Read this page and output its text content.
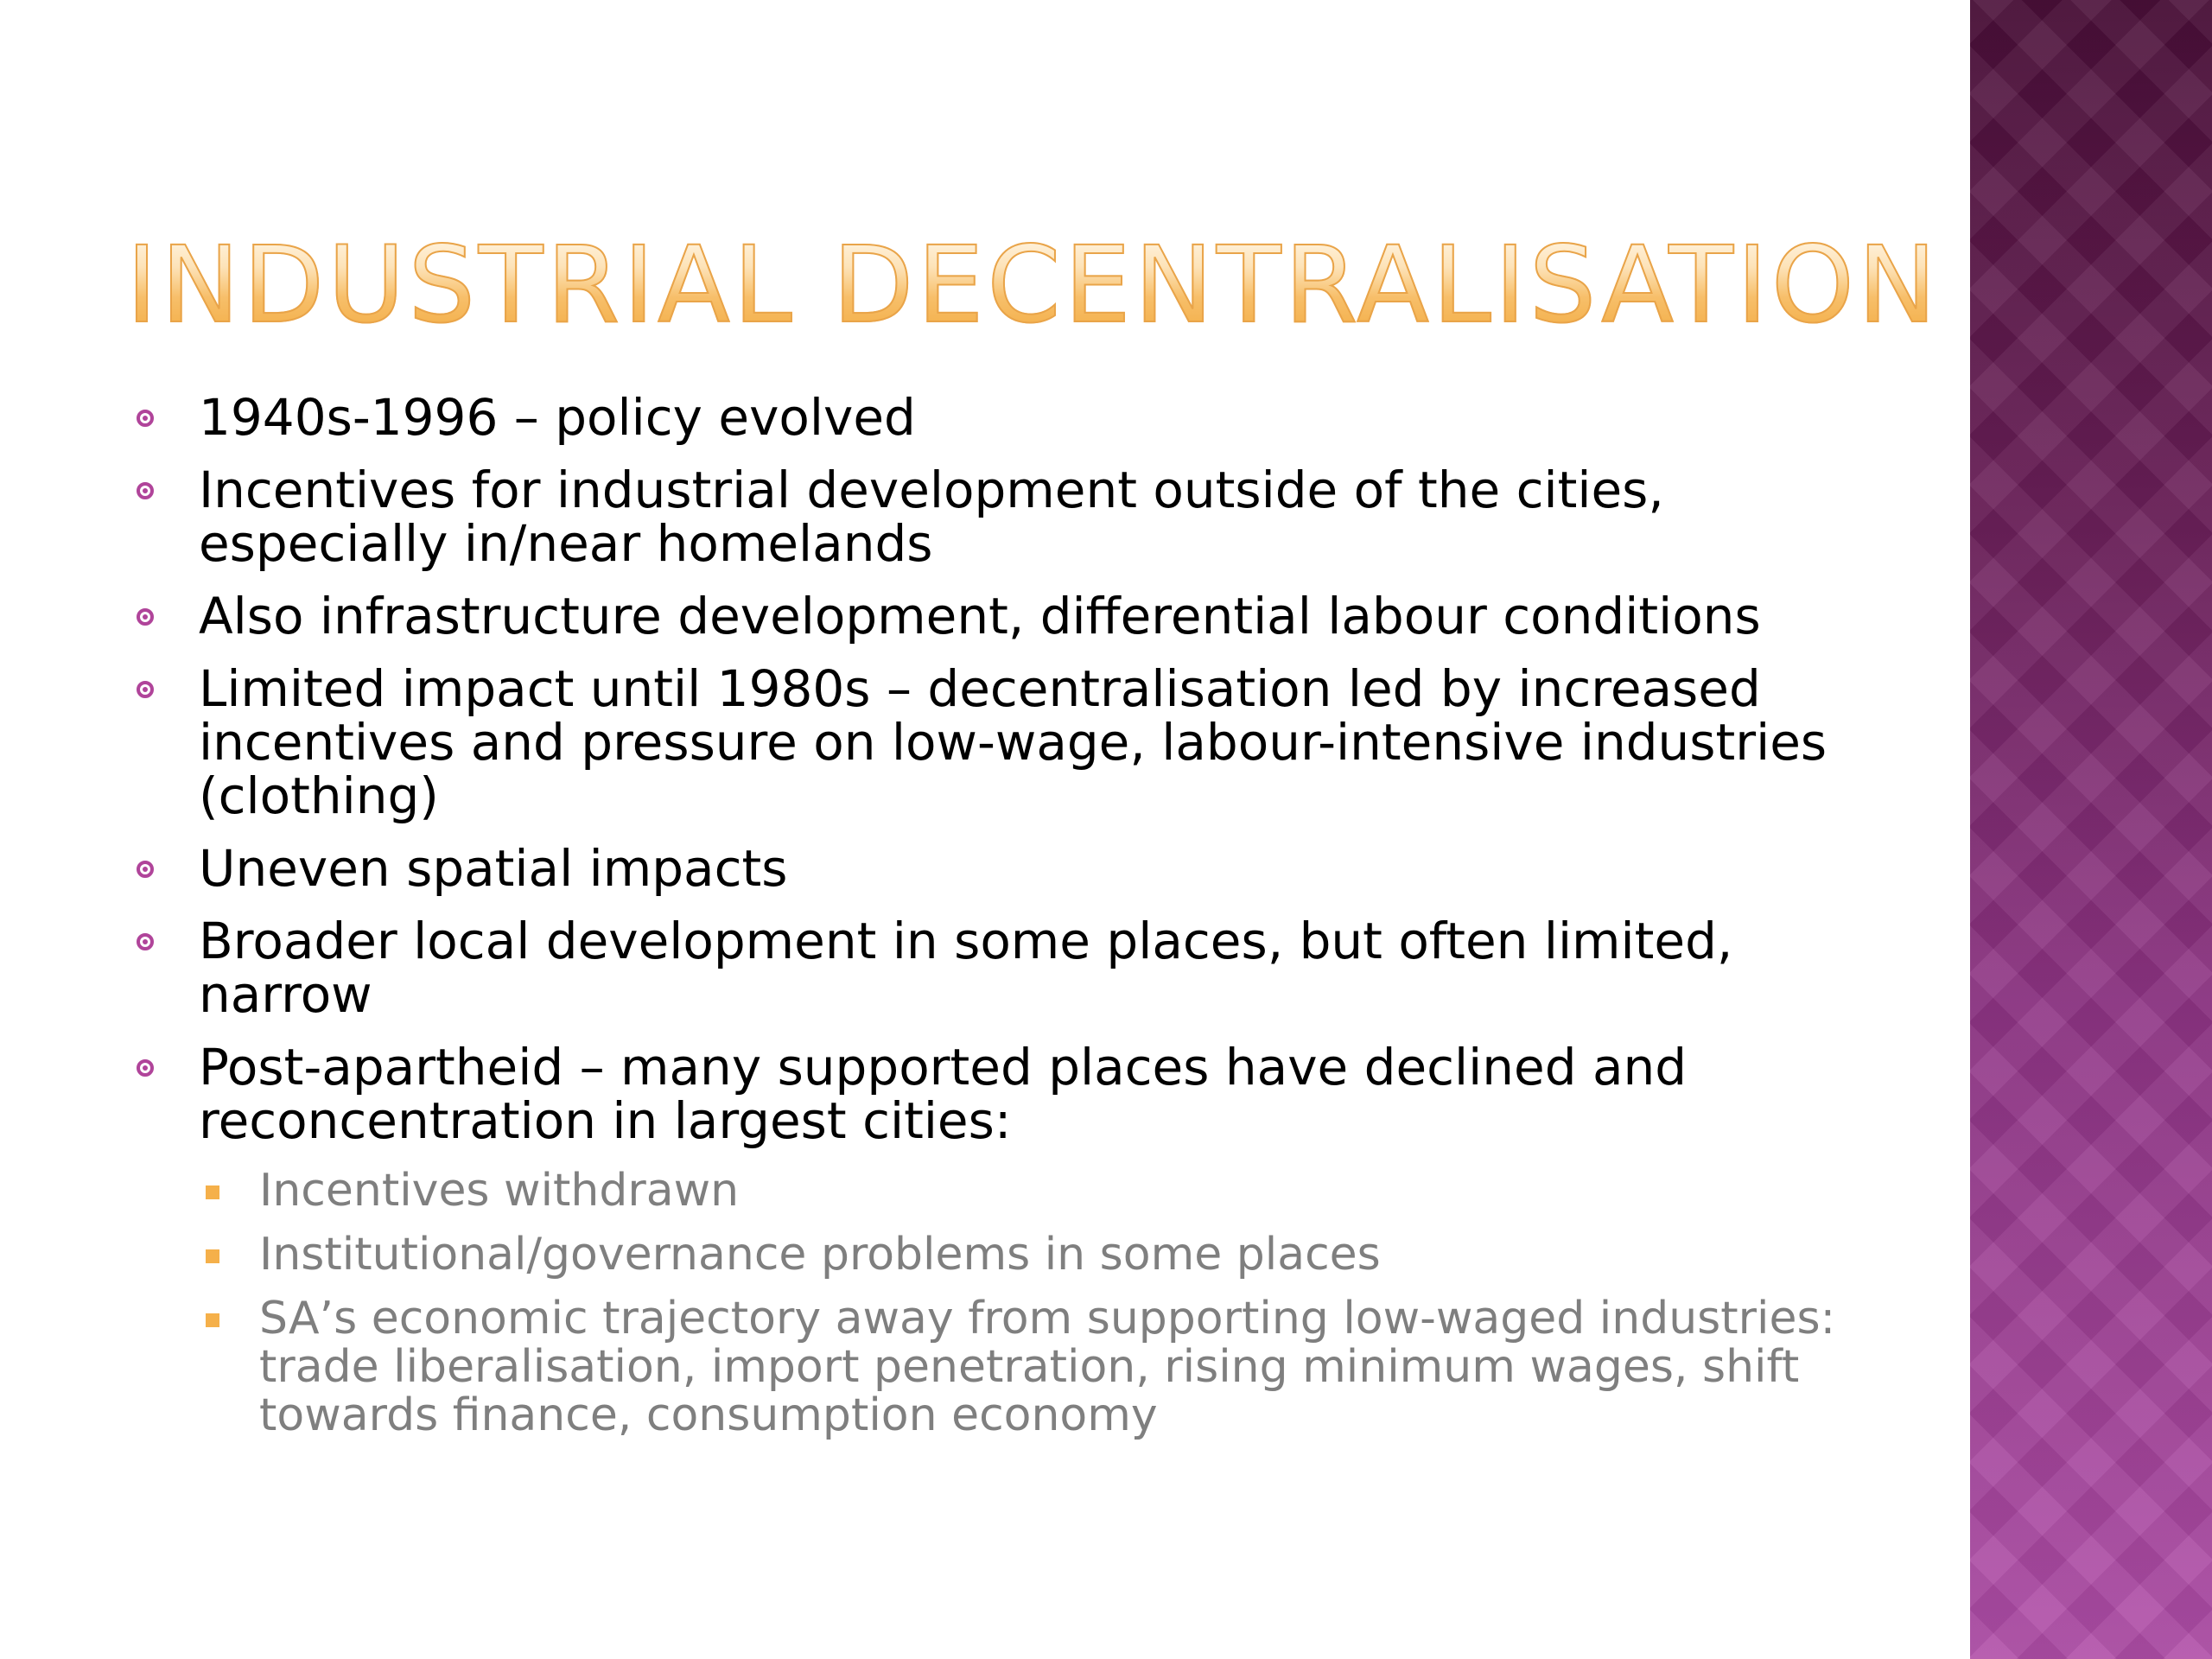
INDUSTRIAL DECENTRALISATION
1940s-1996 – policy evolved
Incentives for industrial development outside of the cities, especially in/near homelands
Also infrastructure development, differential labour conditions
Limited impact until 1980s – decentralisation led by increased incentives and pressure on low-wage, labour-intensive industries (clothing)
Uneven spatial impacts
Broader local development in some places, but often limited, narrow
Post-apartheid – many supported places have declined and reconcentration in largest cities:
Incentives withdrawn
Institutional/governance problems in some places
SA’s economic trajectory away from supporting low-waged industries: trade liberalisation, import penetration, rising minimum wages, shift towards finance, consumption economy
